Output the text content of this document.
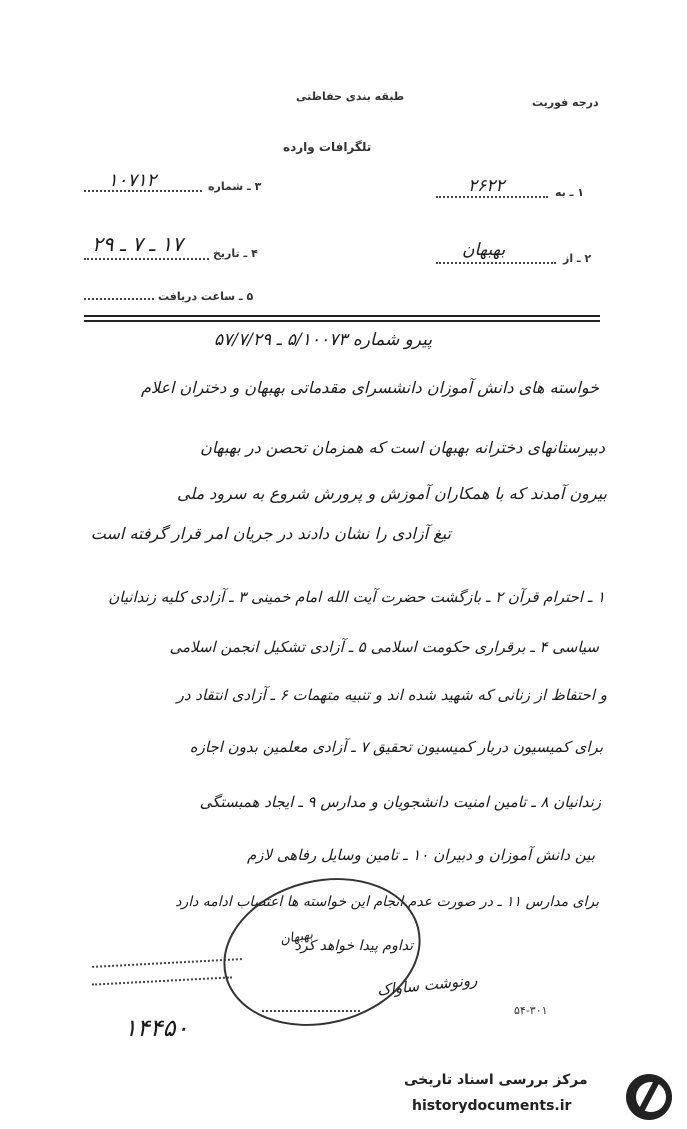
طبقه بندی حفاظتی	درجه فوریت
تلگرافات وارده
۳ ـ شماره
۱۰۷۱۲
۱ ـ به
۲۶۲۲
۴ ـ تاریخ
۱۷ ـ ۷ ـ ۲۹
۲ ـ از
بهبهان
۵ ـ ساعت دریافت
پیرو شماره ۵/۱۰۰۷۳ ـ ۵۷/۷/۲۹
خواسته های دانش آموزان دانشسرای مقدماتی بهبهان و دختران اعلام
دبیرستانهای دخترانه بهبهان است که همزمان تحصن در بهبهان
بیرون آمدند که با همکاران آموزش و پرورش شروع به سرود ملی
تیغ آزادی را نشان دادند در جریان امر قرار گرفته است
۱ ـ احترام قرآن ۲ ـ بازگشت حضرت آیت الله امام خمینی ۳ ـ آزادی کلیه زندانیان
سیاسی ۴ ـ برقراری حکومت اسلامی ۵ ـ آزادی تشکیل انجمن اسلامی
و احتفاظ از زنانی که شهید شده اند و تنبیه متهمات ۶ ـ آزادی انتقاد در
برای کمیسیون دربار کمیسیون تحقیق ۷ ـ آزادی معلمین بدون اجازه
زندانیان ۸ ـ تامین امنیت دانشجویان و مدارس ۹ ـ ایجاد همبستگی
بین دانش آموزان و دبیران ۱۰ ـ تامین وسایل رفاهی لازم
برای مدارس ۱۱ ـ در صورت عدم انجام این خواسته ها اعتصاب ادامه دارد
تداوم پیدا خواهد کرد
بهبهان
رونوشت ساواک
۱۴۴۵۰
۵۴-۳۰۱
مرکز بررسی اسناد تاریخی
historydocuments.ir
